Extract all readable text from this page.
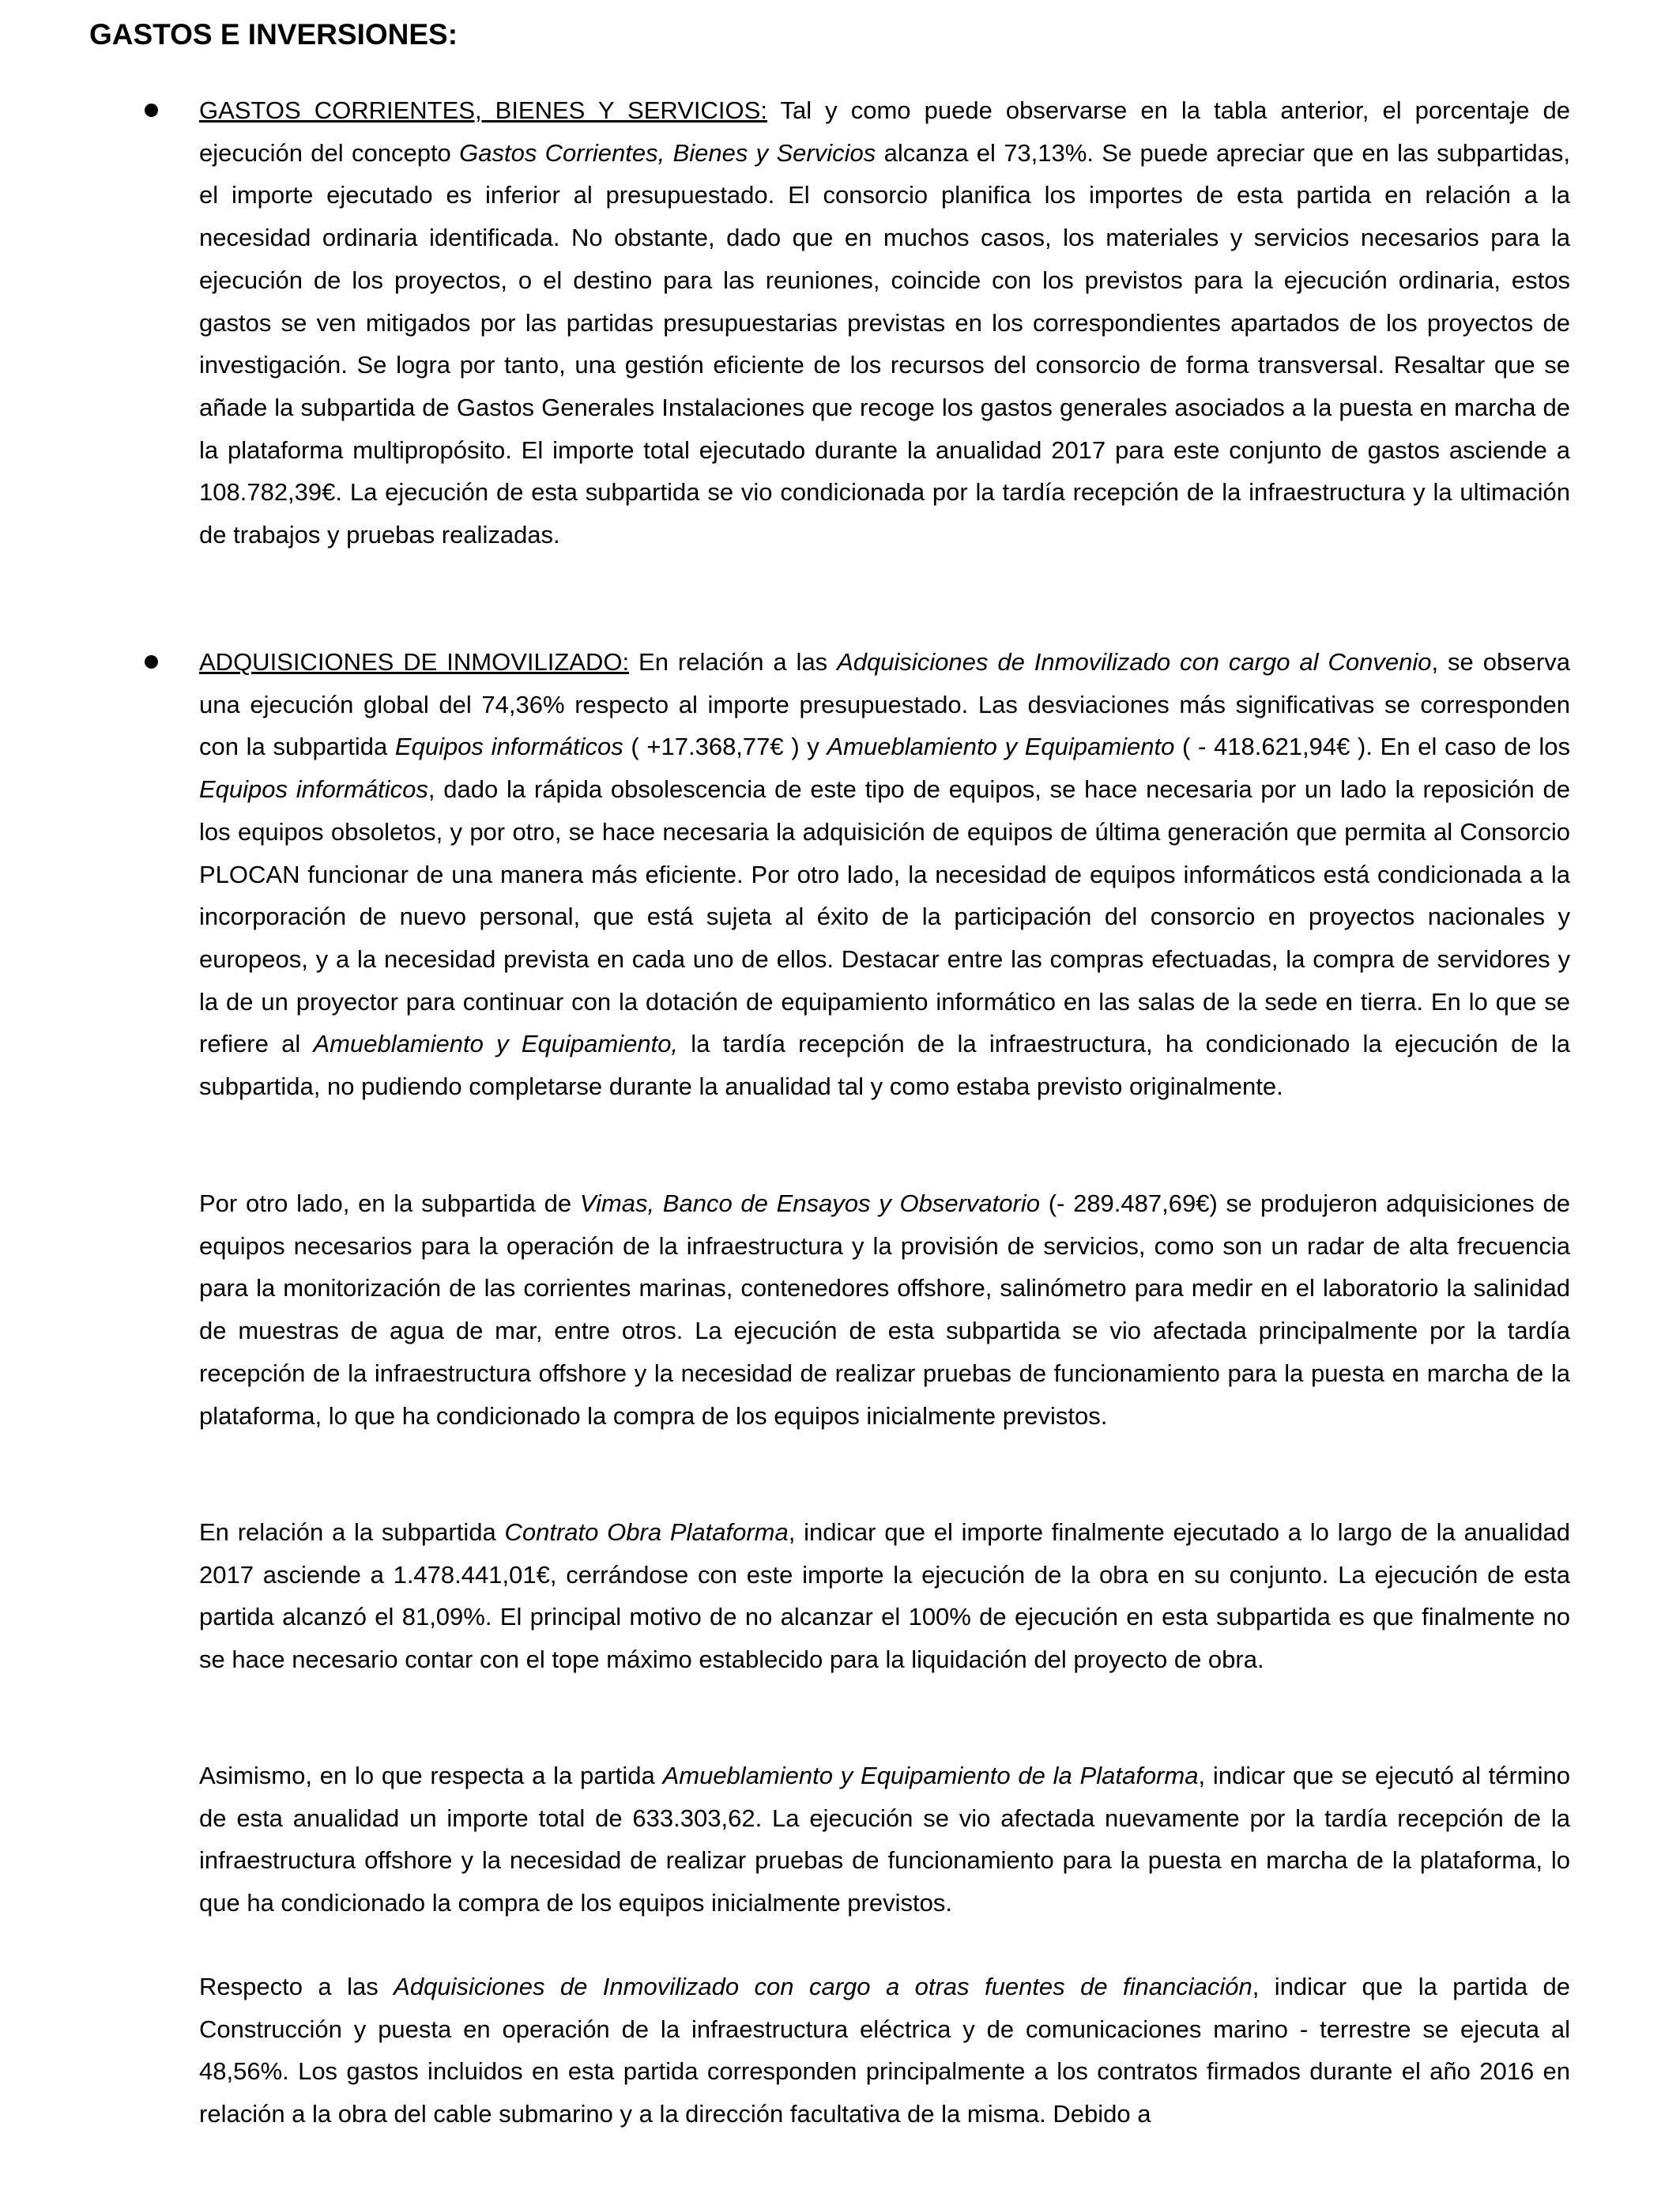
GASTOS E INVERSIONES:

GASTOS CORRIENTES, BIENES Y SERVICIOS: Tal y como puede observarse en la tabla anterior, el porcentaje de ejecución del concepto Gastos Corrientes, Bienes y Servicios alcanza el 73,13%. Se puede apreciar que en las subpartidas, el importe ejecutado es inferior al presupuestado. El consorcio planifica los importes de esta partida en relación a la necesidad ordinaria identificada. No obstante, dado que en muchos casos, los materiales y servicios necesarios para la ejecución de los proyectos, o el destino para las reuniones, coincide con los previstos para la ejecución ordinaria, estos gastos se ven mitigados por las partidas presupuestarias previstas en los correspondientes apartados de los proyectos de investigación. Se logra por tanto, una gestión eficiente de los recursos del consorcio de forma transversal. Resaltar que se añade la subpartida de Gastos Generales Instalaciones que recoge los gastos generales asociados a la puesta en marcha de la plataforma multipropósito. El importe total ejecutado durante la anualidad 2017 para este conjunto de gastos asciende a 108.782,39€. La ejecución de esta subpartida se vio condicionada por la tardía recepción de la infraestructura y la ultimación de trabajos y pruebas realizadas.

ADQUISICIONES DE INMOVILIZADO: En relación a las Adquisiciones de Inmovilizado con cargo al Convenio, se observa una ejecución global del 74,36% respecto al importe presupuestado. Las desviaciones más significativas se corresponden con la subpartida Equipos informáticos ( +17.368,77€ ) y Amueblamiento y Equipamiento ( - 418.621,94€ ). En el caso de los Equipos informáticos, dado la rápida obsolescencia de este tipo de equipos, se hace necesaria por un lado la reposición de los equipos obsoletos, y por otro, se hace necesaria la adquisición de equipos de última generación que permita al Consorcio PLOCAN funcionar de una manera más eficiente. Por otro lado, la necesidad de equipos informáticos está condicionada a la incorporación de nuevo personal, que está sujeta al éxito de la participación del consorcio en proyectos nacionales y europeos, y a la necesidad prevista en cada uno de ellos. Destacar entre las compras efectuadas, la compra de servidores y la de un proyector para continuar con la dotación de equipamiento informático en las salas de la sede en tierra. En lo que se refiere al Amueblamiento y Equipamiento, la tardía recepción de la infraestructura, ha condicionado la ejecución de la subpartida, no pudiendo completarse durante la anualidad tal y como estaba previsto originalmente.

Por otro lado, en la subpartida de Vimas, Banco de Ensayos y Observatorio (- 289.487,69€) se produjeron adquisiciones de equipos necesarios para la operación de la infraestructura y la provisión de servicios, como son un radar de alta frecuencia para la monitorización de las corrientes marinas, contenedores offshore, salinómetro para medir en el laboratorio la salinidad de muestras de agua de mar, entre otros. La ejecución de esta subpartida se vio afectada principalmente por la tardía recepción de la infraestructura offshore y la necesidad de realizar pruebas de funcionamiento para la puesta en marcha de la plataforma, lo que ha condicionado la compra de los equipos inicialmente previstos.

En relación a la subpartida Contrato Obra Plataforma, indicar que el importe finalmente ejecutado a lo largo de la anualidad 2017 asciende a 1.478.441,01€, cerrándose con este importe la ejecución de la obra en su conjunto. La ejecución de esta partida alcanzó el 81,09%. El principal motivo de no alcanzar el 100% de ejecución en esta subpartida es que finalmente no se hace necesario contar con el tope máximo establecido para la liquidación del proyecto de obra.

Asimismo, en lo que respecta a la partida Amueblamiento y Equipamiento de la Plataforma, indicar que se ejecutó al término de esta anualidad un importe total de 633.303,62. La ejecución se vio afectada nuevamente por la tardía recepción de la infraestructura offshore y la necesidad de realizar pruebas de funcionamiento para la puesta en marcha de la plataforma, lo que ha condicionado la compra de los equipos inicialmente previstos.

Respecto a las Adquisiciones de Inmovilizado con cargo a otras fuentes de financiación, indicar que la partida de Construcción y puesta en operación de la infraestructura eléctrica y de comunicaciones marino - terrestre se ejecuta al 48,56%. Los gastos incluidos en esta partida corresponden principalmente a los contratos firmados durante el año 2016 en relación a la obra del cable submarino y a la dirección facultativa de la misma. Debido a
